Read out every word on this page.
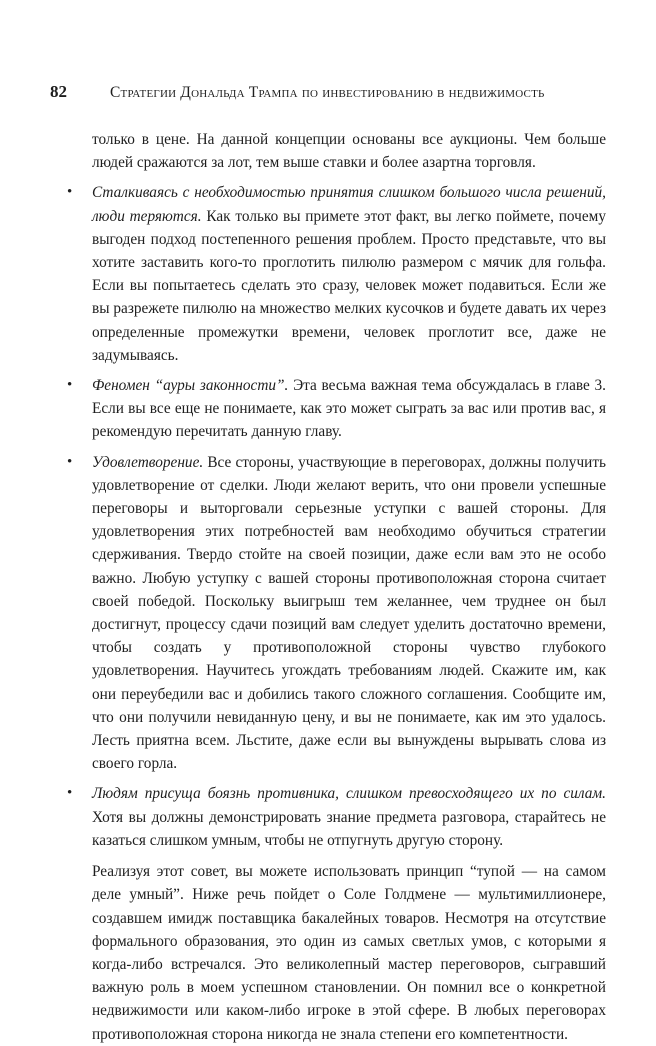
82	Стратегии Дональда Трампа по инвестированию в недвижимость

только в цене. На данной концепции основаны все аукционы. Чем больше людей сражаются за лот, тем выше ставки и более азартна торговля.

• Сталкиваясь с необходимостью принятия слишком большого числа решений, люди теряются. Как только вы примете этот факт, вы легко поймете, почему выгоден подход постепенного решения проблем. Просто представьте, что вы хотите заставить кого-то проглотить пилюлю размером с мячик для гольфа. Если вы попытаетесь сделать это сразу, человек может подавиться. Если же вы разрежете пилюлю на множество мелких кусочков и будете давать их через определенные промежутки времени, человек проглотит все, даже не задумываясь.

• Феномен “ауры законности”. Эта весьма важная тема обсуждалась в главе 3. Если вы все еще не понимаете, как это может сыграть за вас или против вас, я рекомендую перечитать данную главу.

• Удовлетворение. Все стороны, участвующие в переговорах, должны получить удовлетворение от сделки. Люди желают верить, что они провели успешные переговоры и выторговали серьезные уступки с вашей стороны. Для удовлетворения этих потребностей вам необходимо обучиться стратегии сдерживания. Твердо стойте на своей позиции, даже если вам это не особо важно. Любую уступку с вашей стороны противоположная сторона считает своей победой. Поскольку выигрыш тем желаннее, чем труднее он был достигнут, процессу сдачи позиций вам следует уделить достаточно времени, чтобы создать у противоположной стороны чувство глубокого удовлетворения. Научитесь угождать требованиям людей. Скажите им, как они переубедили вас и добились такого сложного соглашения. Сообщите им, что они получили невиданную цену, и вы не понимаете, как им это удалось. Лесть приятна всем. Льстите, даже если вы вынуждены вырывать слова из своего горла.

• Людям присуща боязнь противника, слишком превосходящего их по силам. Хотя вы должны демонстрировать знание предмета разговора, старайтесь не казаться слишком умным, чтобы не отпугнуть другую сторону.

Реализуя этот совет, вы можете использовать принцип “тупой — на самом деле умный”. Ниже речь пойдет о Соле Голдмене — мультимиллионере, создавшем имидж поставщика бакалейных товаров. Несмотря на отсутствие формального образования, это один из самых светлых умов, с которыми я когда-либо встречался. Это великолепный мастер переговоров, сыгравший важную роль в моем успешном становлении. Он помнил все о конкретной недвижимости или каком-либо игроке в этой сфере. В любых переговорах противоположная сторона никогда не знала степени его компетентности.
